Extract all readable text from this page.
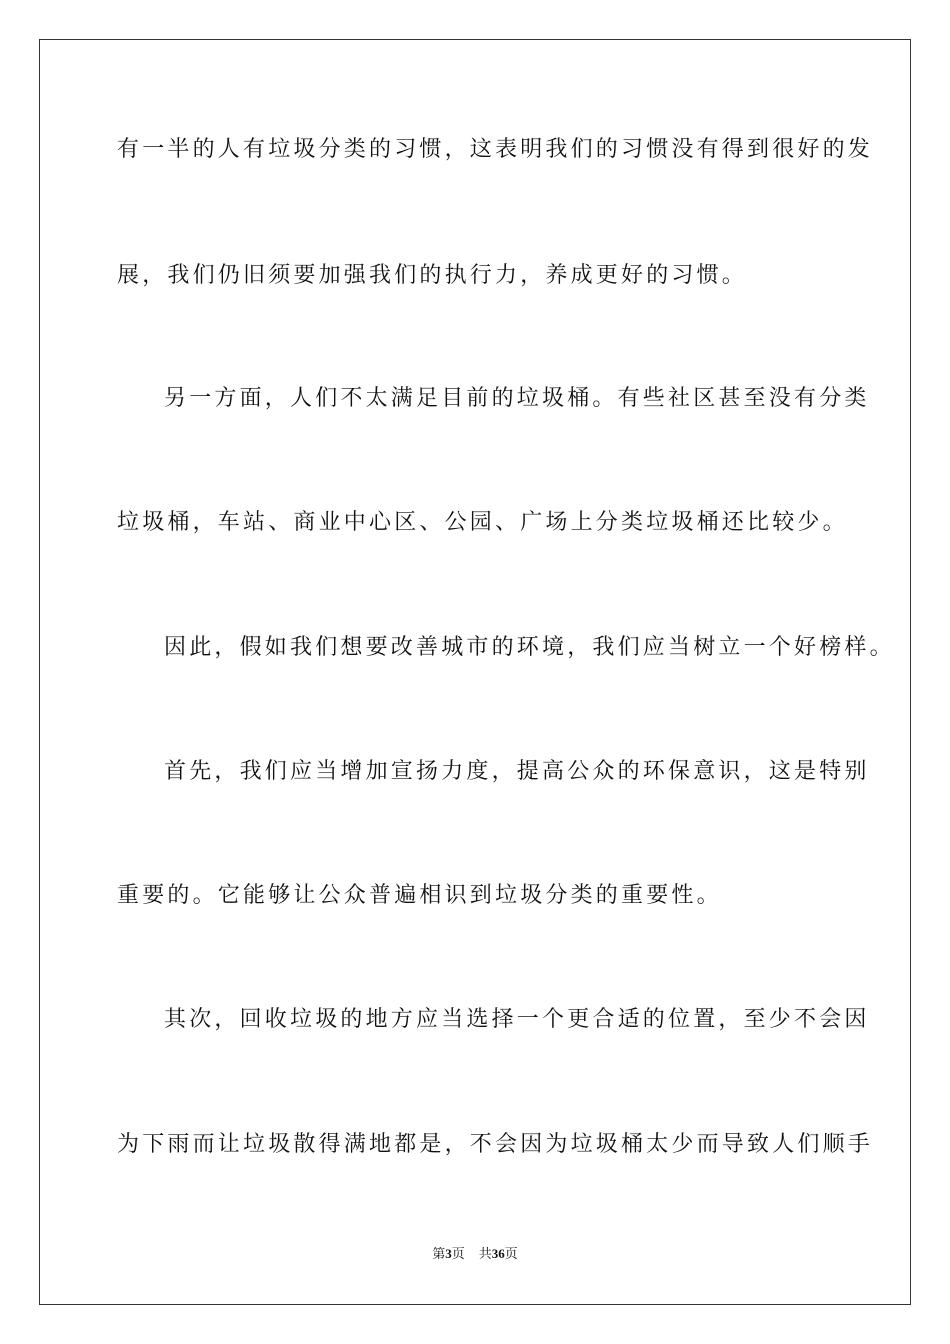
有一半的人有垃圾分类的习惯，这表明我们的习惯没有得到很好的发
展，我们仍旧须要加强我们的执行力，养成更好的习惯。
另一方面，人们不太满足目前的垃圾桶。有些社区甚至没有分类
垃圾桶，车站、商业中心区、公园、广场上分类垃圾桶还比较少。
因此，假如我们想要改善城市的环境，我们应当树立一个好榜样。
首先，我们应当增加宣扬力度，提高公众的环保意识，这是特别
重要的。它能够让公众普遍相识到垃圾分类的重要性。
其次，回收垃圾的地方应当选择一个更合适的位置，至少不会因
为下雨而让垃圾散得满地都是，不会因为垃圾桶太少而导致人们顺手
第3页 共36页
